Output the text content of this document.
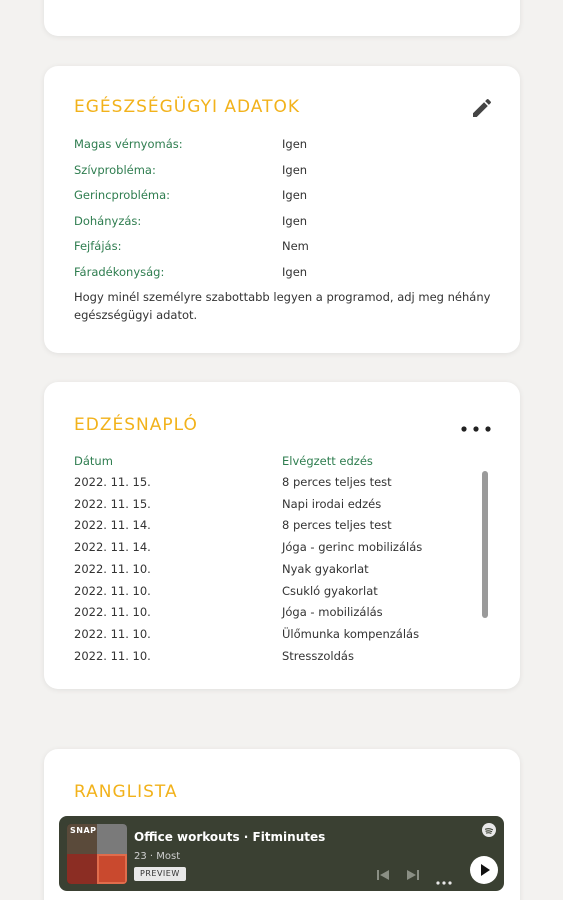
EGÉSZSÉGÜGYI ADATOK
Magas vérnyomás:	Igen
Szívprobléma:	Igen
Gerincprobléma:	Igen
Dohányzás:	Igen
Fejfájás:	Nem
Fáradékonyság:	Igen
Hogy minél személyre szabottabb legyen a programod, adj meg néhány egészségügyi adatot.
EDZÉSNAPLÓ
Dátum	Elvégzett edzés
2022. 11. 15.	8 perces teljes test
2022. 11. 15.	Napi irodai edzés
2022. 11. 14.	8 perces teljes test
2022. 11. 14.	Jóga - gerinc mobilizálás
2022. 11. 10.	Nyak gyakorlat
2022. 11. 10.	Csukló gyakorlat
2022. 11. 10.	Jóga - mobilizálás
2022. 11. 10.	Ülőmunka kompenzálás
2022. 11. 10.	Stresszoldás
RANGLISTA
SNAP	Office workouts · Fitminutes
23 · Most
PREVIEW
